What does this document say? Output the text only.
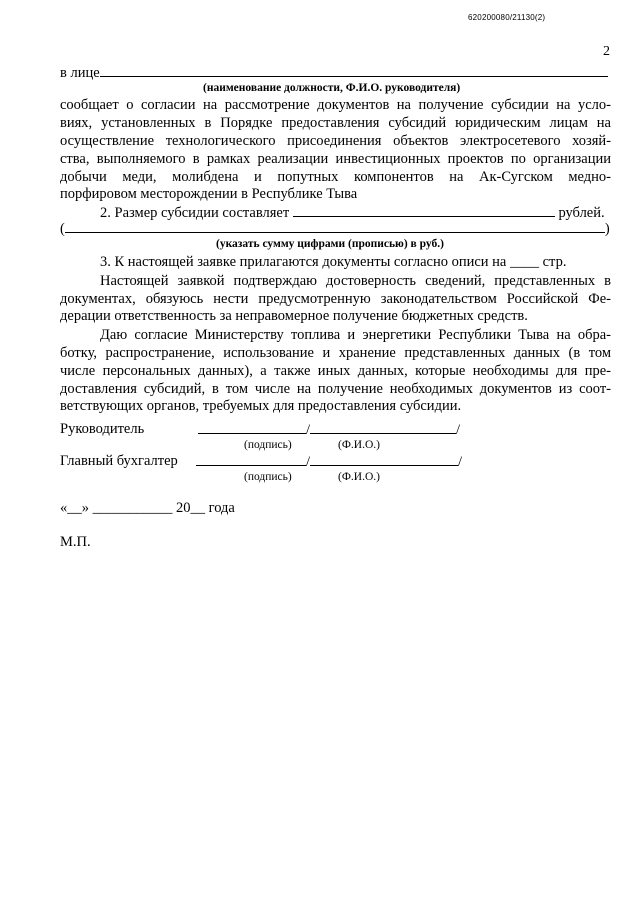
620200080/21130(2)
2
в лице
(наименование должности, Ф.И.О. руководителя)
сообщает о согласии на рассмотрение документов на получение субсидии на усло-
виях, установленных в Порядке предоставления субсидий юридическим лицам на
осуществление технологического присоединения объектов электросетевого хозяй-
ства, выполняемого в рамках реализации инвестиционных проектов по организации
добычи меди, молибдена и попутных компонентов на Ак-Сугском медно-
порфировом месторождении в Республике Тыва
2. Размер субсидии составляет	рублей.
(	)
(указать сумму цифрами (прописью) в руб.)
3. К настоящей заявке прилагаются документы согласно описи на ____ стр.
Настоящей заявкой подтверждаю достоверность сведений, представленных в
документах, обязуюсь нести предусмотренную законодательством Российской Фе-
дерации ответственность за неправомерное получение бюджетных средств.
Даю согласие Министерству топлива и энергетики Республики Тыва на обра-
ботку, распространение, использование и хранение представленных данных (в том
числе персональных данных), а также иных данных, которые необходимы для пре-
доставления субсидий, в том числе на получение необходимых документов из соот-
ветствующих органов, требуемых для предоставления субсидии.
Руководитель	/	/
(подпись)	(Ф.И.О.)
Главный бухгалтер	/	/
(подпись)	(Ф.И.О.)
«__» ___________ 20__ года
М.П.
